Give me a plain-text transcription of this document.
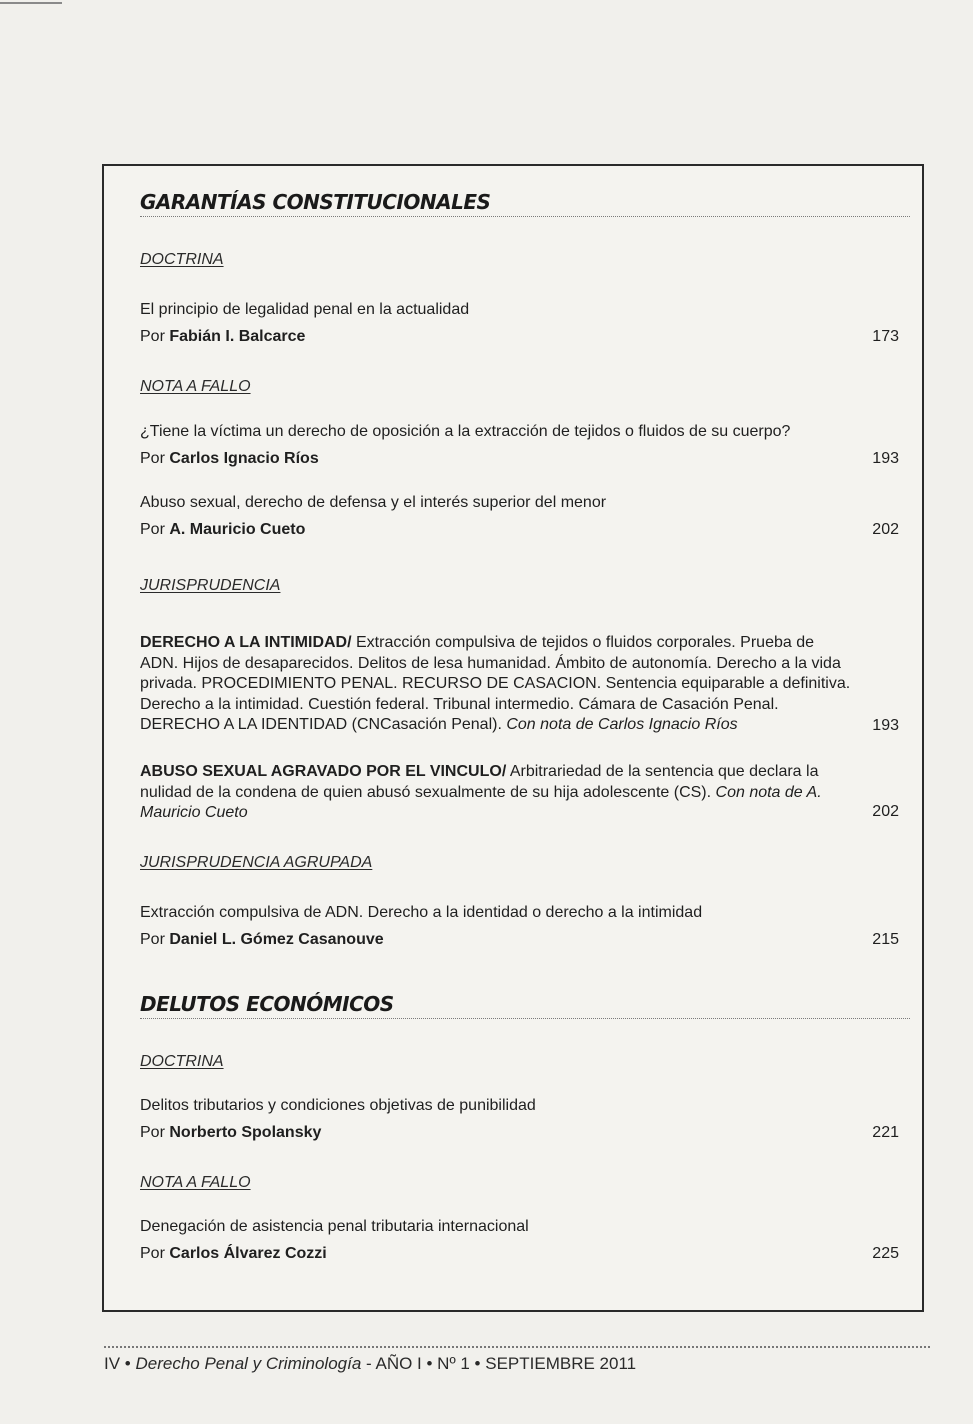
GARANTÍAS CONSTITUCIONALES
DOCTRINA
El principio de legalidad penal en la actualidad
Por Fabián I. Balcarce	173
NOTA A FALLO
¿Tiene la víctima un derecho de oposición a la extracción de tejidos o fluidos de su cuerpo?
Por Carlos Ignacio Ríos	193
Abuso sexual, derecho de defensa y el interés superior del menor
Por A. Mauricio Cueto	202
JURISPRUDENCIA
DERECHO A LA INTIMIDAD/ Extracción compulsiva de tejidos o fluidos corporales. Prueba de ADN. Hijos de desaparecidos. Delitos de lesa humanidad. Ámbito de autonomía. Derecho a la vida privada. PROCEDIMIENTO PENAL. RECURSO DE CASACION. Sentencia equiparable a definitiva. Derecho a la intimidad. Cuestión federal. Tribunal intermedio. Cámara de Casación Penal. DERECHO A LA IDENTIDAD (CNCasación Penal). Con nota de Carlos Ignacio Ríos	193
ABUSO SEXUAL AGRAVADO POR EL VINCULO/ Arbitrariedad de la sentencia que declara la nulidad de la condena de quien abusó sexualmente de su hija adolescente (CS). Con nota de A. Mauricio Cueto	202
JURISPRUDENCIA AGRUPADA
Extracción compulsiva de ADN. Derecho a la identidad o derecho a la intimidad
Por Daniel L. Gómez Casanouve	215
DELUTOS ECONÓMICOS
DOCTRINA
Delitos tributarios y condiciones objetivas de punibilidad
Por Norberto Spolansky	221
NOTA A FALLO
Denegación de asistencia penal tributaria internacional
Por Carlos Álvarez Cozzi	225
IV • Derecho Penal y Criminología - AÑO I • Nº 1 • SEPTIEMBRE 2011
